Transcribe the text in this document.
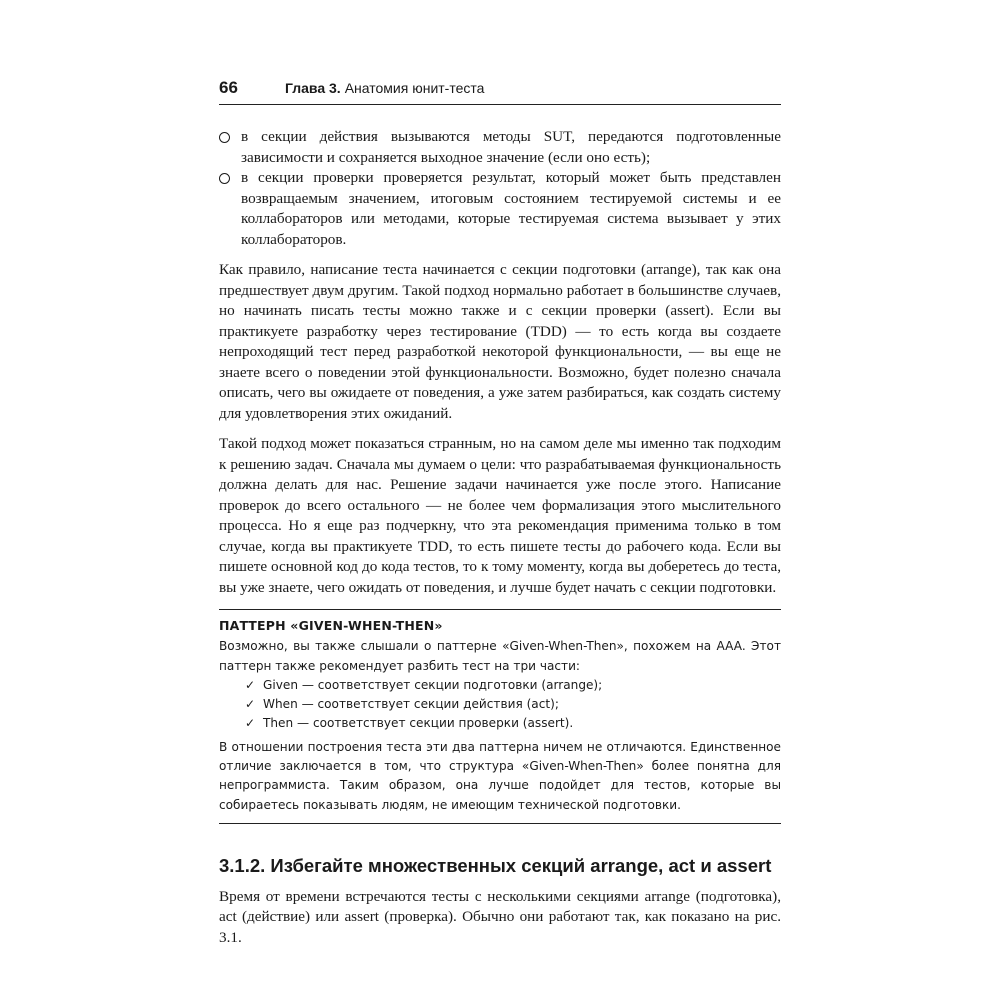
66	Глава 3. Анатомия юнит-теста
в секции действия вызываются методы SUT, передаются подготовленные зависимости и сохраняется выходное значение (если оно есть);
в секции проверки проверяется результат, который может быть представлен возвращаемым значением, итоговым состоянием тестируемой системы и ее коллабораторов или методами, которые тестируемая система вызывает у этих коллабораторов.

Как правило, написание теста начинается с секции подготовки (arrange), так как она предшествует двум другим. Такой подход нормально работает в большинстве случаев, но начинать писать тесты можно также и с секции проверки (assert). Если вы практикуете разработку через тестирование (TDD) — то есть когда вы создаете непроходящий тест перед разработкой некоторой функциональности, — вы еще не знаете всего о поведении этой функциональности. Возможно, будет полезно сначала описать, чего вы ожидаете от поведения, а уже затем разбираться, как создать систему для удовлетворения этих ожиданий.

Такой подход может показаться странным, но на самом деле мы именно так подходим к решению задач. Сначала мы думаем о цели: что разрабатываемая функциональность должна делать для нас. Решение задачи начинается уже после этого. Написание проверок до всего остального — не более чем формализация этого мыслительного процесса. Но я еще раз подчеркну, что эта рекомендация применима только в том случае, когда вы практикуете TDD, то есть пишете тесты до рабочего кода. Если вы пишете основной код до кода тестов, то к тому моменту, когда вы доберетесь до теста, вы уже знаете, чего ожидать от поведения, и лучше будет начать с секции подготовки.

ПАТТЕРН «GIVEN-WHEN-THEN»

Возможно, вы также слышали о паттерне «Given-When-Then», похожем на AAA. Этот паттерн также рекомендует разбить тест на три части:

✓ Given — соответствует секции подготовки (arrange);
✓ When — соответствует секции действия (act);
✓ Then — соответствует секции проверки (assert).

В отношении построения теста эти два паттерна ничем не отличаются. Единственное отличие заключается в том, что структура «Given-When-Then» более понятна для непрограммиста. Таким образом, она лучше подойдет для тестов, которые вы собираетесь показывать людям, не имеющим технической подготовки.

3.1.2. Избегайте множественных секций arrange, act и assert

Время от времени встречаются тесты с несколькими секциями arrange (подготовка), act (действие) или assert (проверка). Обычно они работают так, как показано на рис. 3.1.
